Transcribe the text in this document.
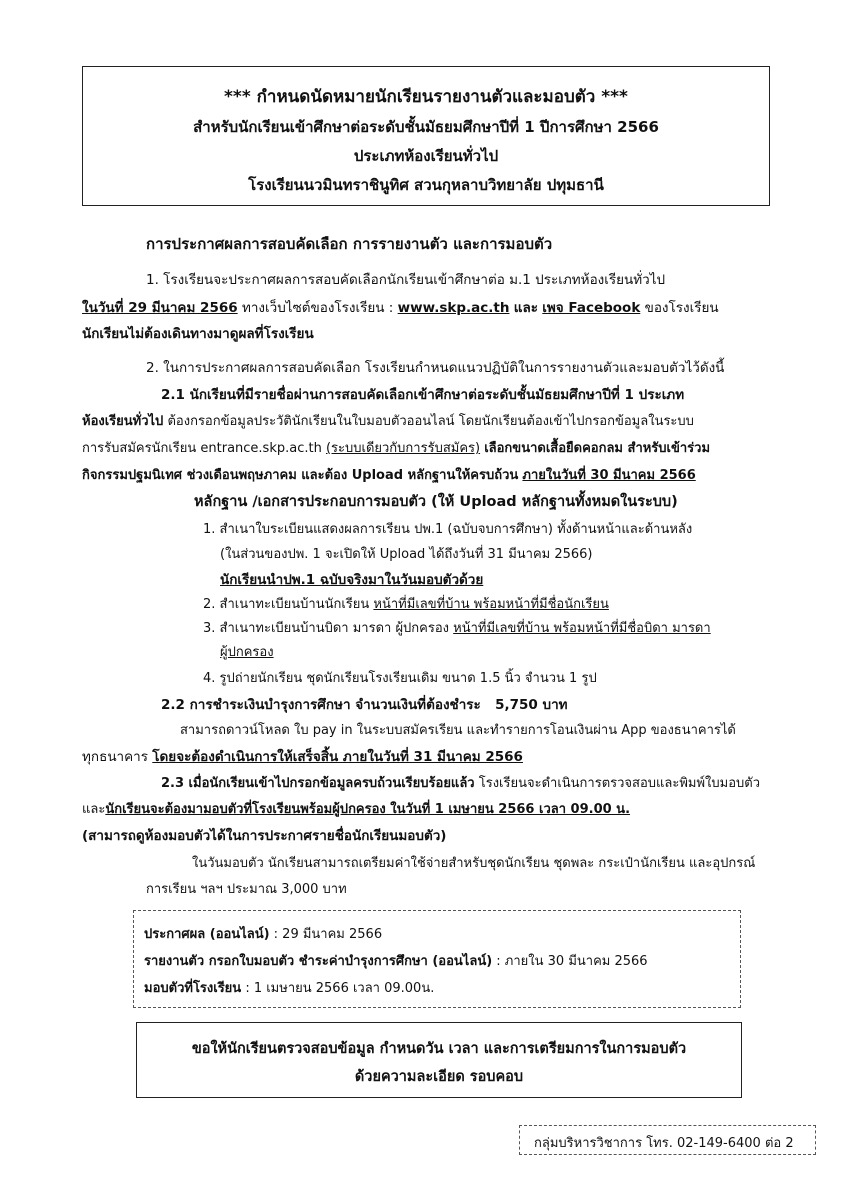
*** กำหนดนัดหมายนักเรียนรายงานตัวและมอบตัว ***
สำหรับนักเรียนเข้าศึกษาต่อระดับชั้นมัธยมศึกษาปีที่ 1 ปีการศึกษา 2566
ประเภทห้องเรียนทั่วไป
โรงเรียนนวมินทราชินูทิศ สวนกุหลาบวิทยาลัย ปทุมธานี
การประกาศผลการสอบคัดเลือก การรายงานตัว และการมอบตัว
1. โรงเรียนจะประกาศผลการสอบคัดเลือกนักเรียนเข้าศึกษาต่อ ม.1 ประเภทห้องเรียนทั่วไป
ในวันที่ 29 มีนาคม 2566 ทางเว็บไซต์ของโรงเรียน : www.skp.ac.th และ เพจ Facebook ของโรงเรียน
นักเรียนไม่ต้องเดินทางมาดูผลที่โรงเรียน
2. ในการประกาศผลการสอบคัดเลือก โรงเรียนกำหนดแนวปฏิบัติในการรายงานตัวและมอบตัวไว้ดังนี้
2.1 นักเรียนที่มีรายชื่อผ่านการสอบคัดเลือกเข้าศึกษาต่อระดับชั้นมัธยมศึกษาปีที่ 1 ประเภท
ห้องเรียนทั่วไป ต้องกรอกข้อมูลประวัตินักเรียนในใบมอบตัวออนไลน์ โดยนักเรียนต้องเข้าไปกรอกข้อมูลในระบบ
การรับสมัครนักเรียน entrance.skp.ac.th (ระบบเดียวกับการรับสมัคร) เลือกขนาดเสื้อยืดคอกลม สำหรับเข้าร่วม
กิจกรรมปฐมนิเทศ ช่วงเดือนพฤษภาคม และต้อง Upload หลักฐานให้ครบถ้วน ภายในวันที่ 30 มีนาคม 2566
หลักฐาน /เอกสารประกอบการมอบตัว (ให้ Upload หลักฐานทั้งหมดในระบบ)
1. สำเนาใบระเบียนแสดงผลการเรียน ปพ.1 (ฉบับจบการศึกษา) ทั้งด้านหน้าและด้านหลัง
(ในส่วนของปพ. 1 จะเปิดให้ Upload ได้ถึงวันที่ 31 มีนาคม 2566)
นักเรียนนำปพ.1 ฉบับจริงมาในวันมอบตัวด้วย
2. สำเนาทะเบียนบ้านนักเรียน หน้าที่มีเลขที่บ้าน พร้อมหน้าที่มีชื่อนักเรียน
3. สำเนาทะเบียนบ้านบิดา มารดา ผู้ปกครอง หน้าที่มีเลขที่บ้าน พร้อมหน้าที่มีชื่อบิดา มารดา
ผู้ปกครอง
4. รูปถ่ายนักเรียน ชุดนักเรียนโรงเรียนเดิม ขนาด 1.5 นิ้ว จำนวน 1 รูป
2.2 การชำระเงินบำรุงการศึกษา จำนวนเงินที่ต้องชำระ 5,750 บาท
สามารถดาวน์โหลด ใบ pay in ในระบบสมัครเรียน และทำรายการโอนเงินผ่าน App ของธนาคารได้
ทุกธนาคาร โดยจะต้องดำเนินการให้เสร็จสิ้น ภายในวันที่ 31 มีนาคม 2566
2.3 เมื่อนักเรียนเข้าไปกรอกข้อมูลครบถ้วนเรียบร้อยแล้ว โรงเรียนจะดำเนินการตรวจสอบและพิมพ์ใบมอบตัว
และนักเรียนจะต้องมามอบตัวที่โรงเรียนพร้อมผู้ปกครอง ในวันที่ 1 เมษายน 2566 เวลา 09.00 น.
(สามารถดูห้องมอบตัวได้ในการประกาศรายชื่อนักเรียนมอบตัว)
ในวันมอบตัว นักเรียนสามารถเตรียมค่าใช้จ่ายสำหรับชุดนักเรียน ชุดพละ กระเป๋านักเรียน และอุปกรณ์
การเรียน ฯลฯ ประมาณ 3,000 บาท
ประกาศผล (ออนไลน์) : 29 มีนาคม 2566
รายงานตัว กรอกใบมอบตัว ชำระค่าบำรุงการศึกษา (ออนไลน์) : ภายใน 30 มีนาคม 2566
มอบตัวที่โรงเรียน : 1 เมษายน 2566 เวลา 09.00น.
ขอให้นักเรียนตรวจสอบข้อมูล กำหนดวัน เวลา และการเตรียมการในการมอบตัว
ด้วยความละเอียด รอบคอบ
กลุ่มบริหารวิชาการ โทร. 02-149-6400 ต่อ 2
